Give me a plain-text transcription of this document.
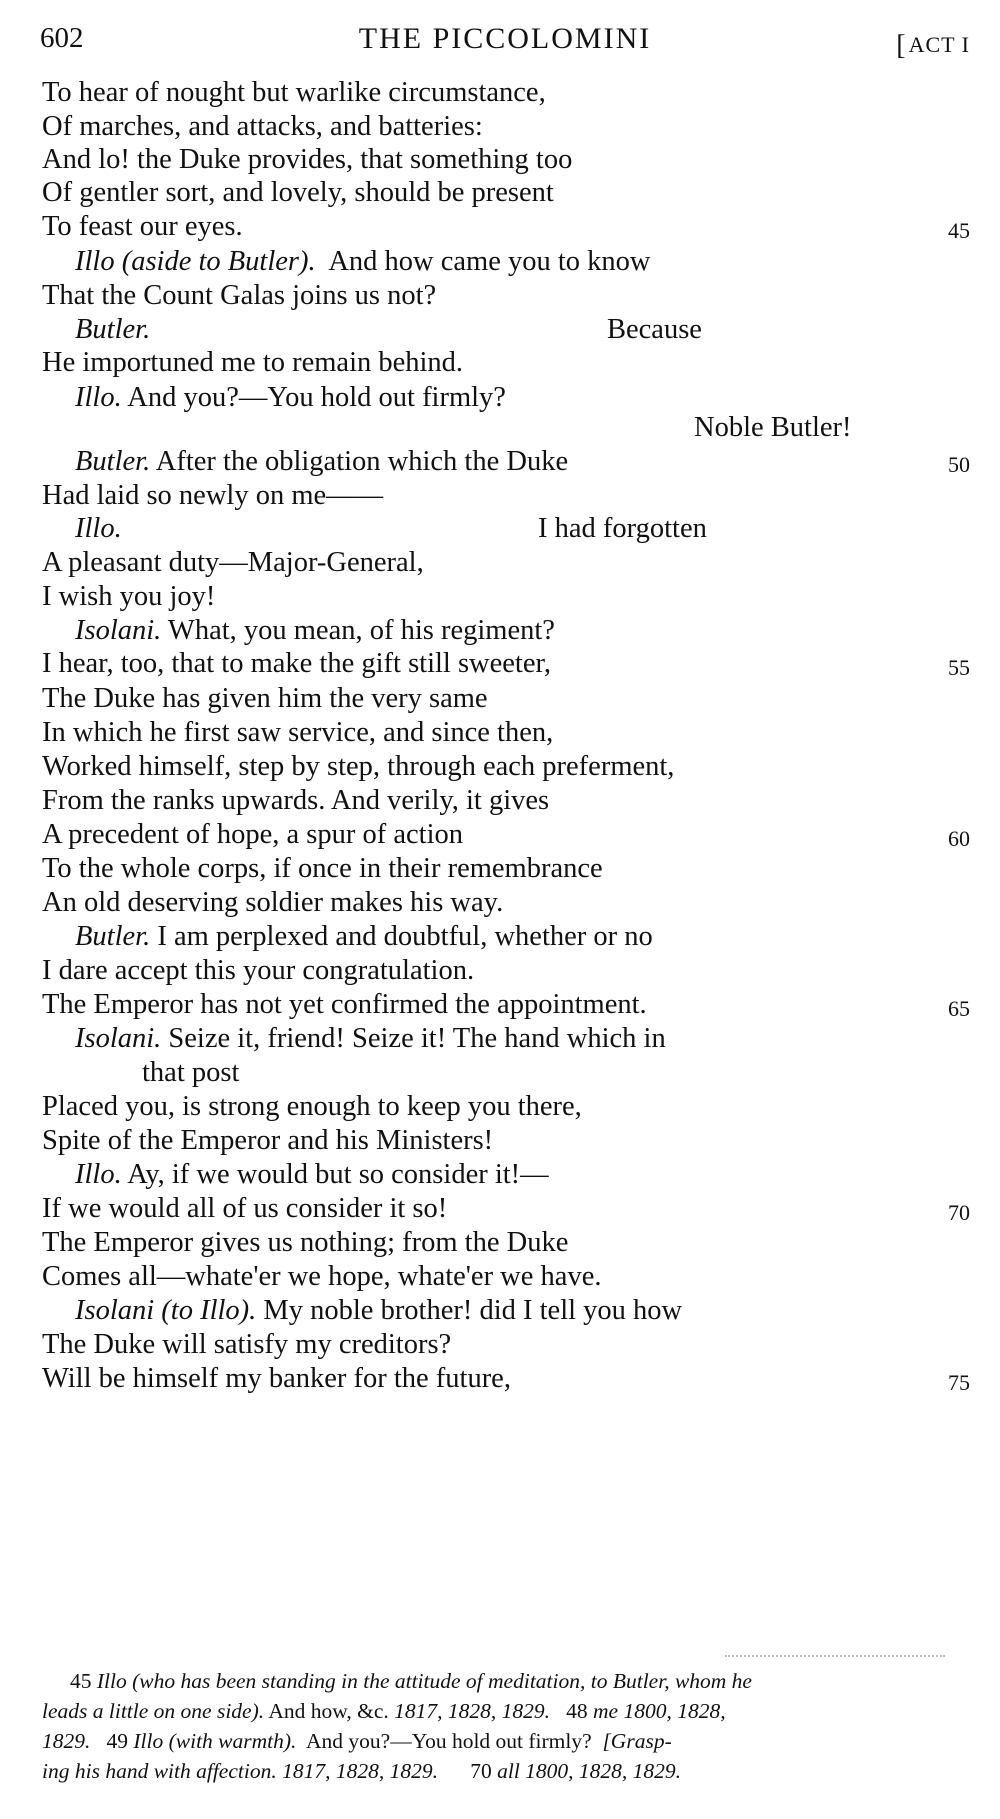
602	THE PICCOLOMINI	[ACT I
To hear of nought but warlike circumstance,
Of marches, and attacks, and batteries:
And lo! the Duke provides, that something too
Of gentler sort, and lovely, should be present
To feast our eyes.	45
Illo (aside to Butler). And how came you to know
That the Count Galas joins us not?
Butler.	Because
He importuned me to remain behind.
Illo. And you?—You hold out firmly?
Noble Butler!
Butler. After the obligation which the Duke	50
Had laid so newly on me——
Illo.	I had forgotten
A pleasant duty—Major-General,
I wish you joy!
Isolani. What, you mean, of his regiment?
I hear, too, that to make the gift still sweeter,	55
The Duke has given him the very same
In which he first saw service, and since then,
Worked himself, step by step, through each preferment,
From the ranks upwards. And verily, it gives
A precedent of hope, a spur of action	60
To the whole corps, if once in their remembrance
An old deserving soldier makes his way.
Butler. I am perplexed and doubtful, whether or no
I dare accept this your congratulation.
The Emperor has not yet confirmed the appointment.	65
Isolani. Seize it, friend! Seize it! The hand which in
that post
Placed you, is strong enough to keep you there,
Spite of the Emperor and his Ministers!
Illo. Ay, if we would but so consider it!—
If we would all of us consider it so!	70
The Emperor gives us nothing; from the Duke
Comes all—whate'er we hope, whate'er we have.
Isolani (to Illo). My noble brother! did I tell you how
The Duke will satisfy my creditors?
Will be himself my banker for the future,	75
45 Illo (who has been standing in the attitude of meditation, to Butler, whom he
leads a little on one side). And how, &c. 1817, 1828, 1829. 48 me 1800, 1828,
1829. 49 Illo (with warmth). And you?—You hold out firmly? [Grasp-
ing his hand with affection. 1817, 1828, 1829. 70 all 1800, 1828, 1829.
